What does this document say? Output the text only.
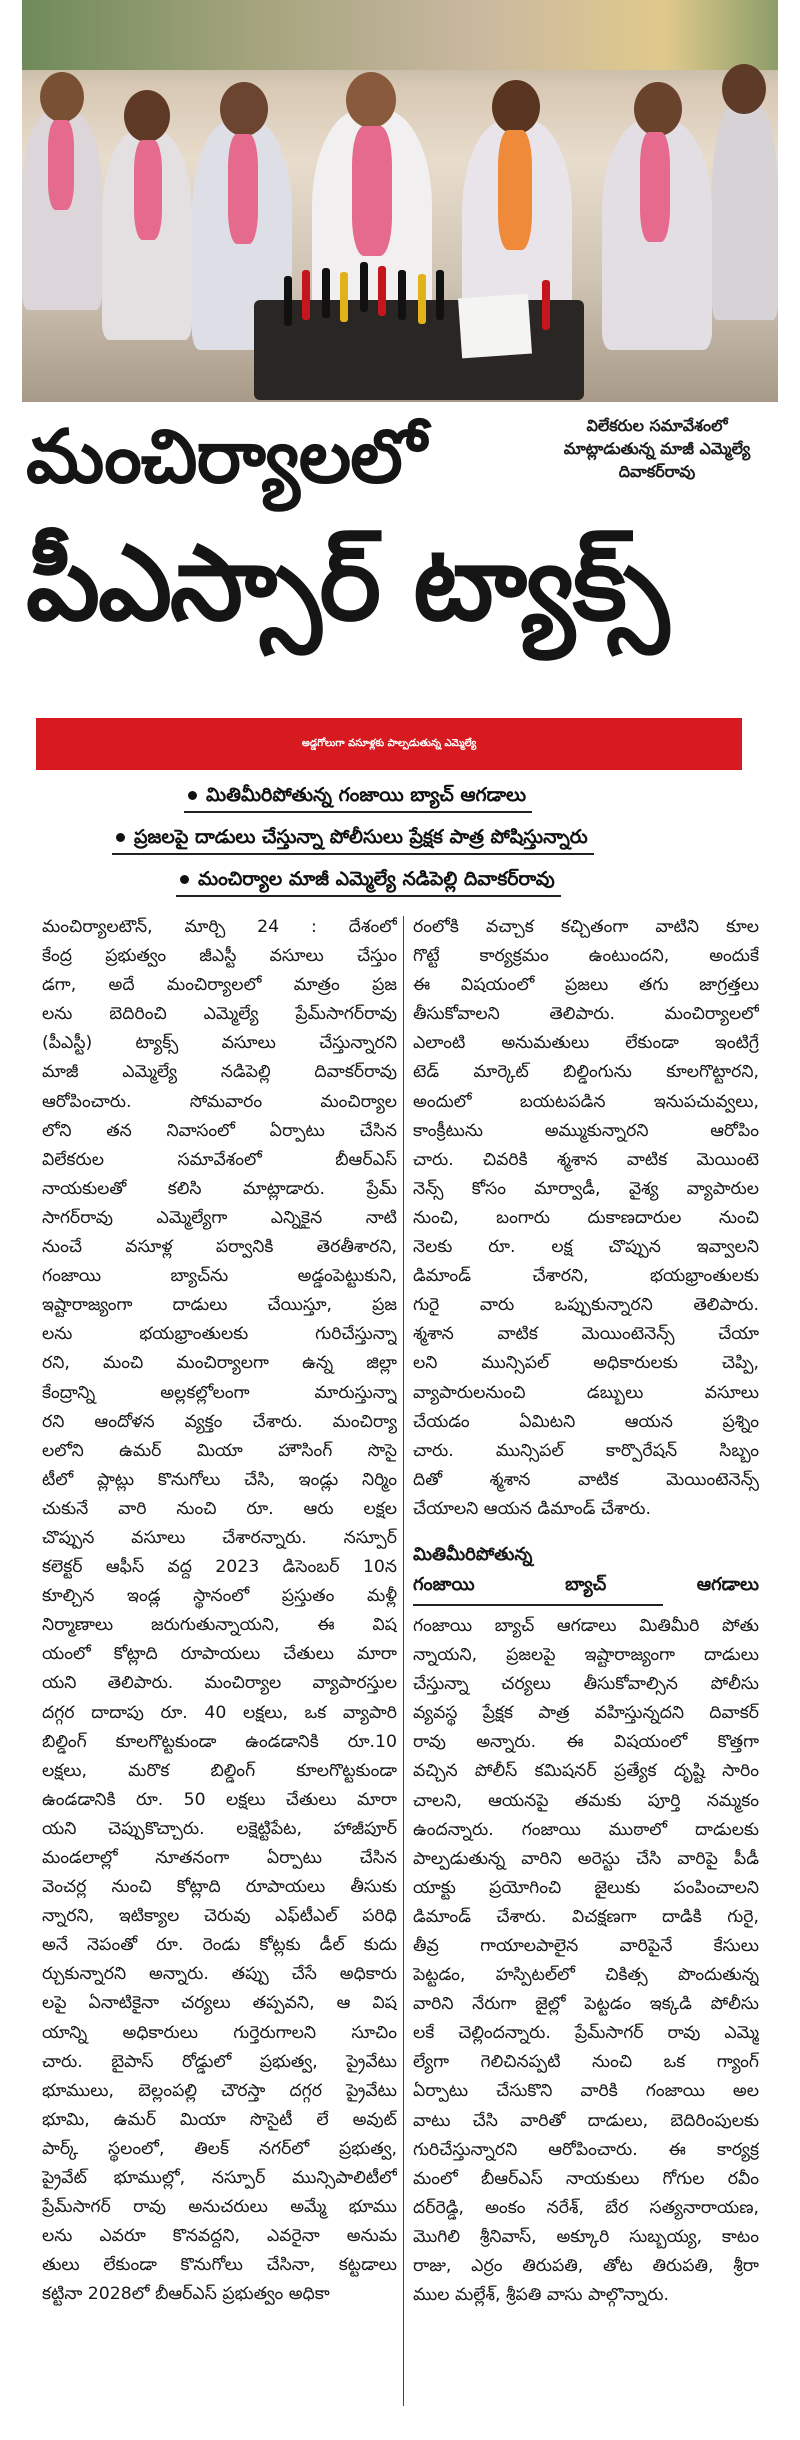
విలేకరుల సమావేశంలో
మాట్లాడుతున్న మాజీ ఎమ్మెల్యే
దివాకర్‌రావు
మంచిర్యాలలో
పీఎస్సార్ ట్యాక్స్
అడ్డగోలుగా వసూళ్లకు పాల్పడుతున్న ఎమ్మెల్యే
మితిమీరిపోతున్న గంజాయి బ్యాచ్ ఆగడాలు
ప్రజలపై దాడులు చేస్తున్నా పోలీసులు ప్రేక్షక పాత్ర పోషిస్తున్నారు
మంచిర్యాల మాజీ ఎమ్మెల్యే నడిపెల్లి దివాకర్‌రావు
మంచిర్యాలటౌన్, మార్చి 24 : దేశంలో
కేంద్ర ప్రభుత్వం జీఎస్టీ వసూలు చేస్తుం
డగా, అదే మంచిర్యాలలో మాత్రం ప్రజ
లను బెదిరించి ఎమ్మెల్యే ప్రేమ్‌సాగర్‌రావు
(పీఎస్టీ) ట్యాక్స్ వసూలు చేస్తున్నారని
మాజీ ఎమ్మెల్యే నడిపెల్లి దివాకర్‌రావు
ఆరోపించారు. సోమవారం మంచిర్యాల
లోని తన నివాసంలో ఏర్పాటు చేసిన
విలేకరుల సమావేశంలో బీఆర్‌ఎస్
నాయకులతో కలిసి మాట్లాడారు. ప్రేమ్
సాగర్‌రావు ఎమ్మెల్యేగా ఎన్నికైన నాటి
నుంచే వసూళ్ల పర్వానికి తెరతీశారని,
గంజాయి బ్యాచ్‌ను అడ్డంపెట్టుకుని,
ఇష్టారాజ్యంగా దాడులు చేయిస్తూ, ప్రజ
లను భయభ్రాంతులకు గురిచేస్తున్నా
రని, మంచి మంచిర్యాలగా ఉన్న జిల్లా
కేంద్రాన్ని అల్లకల్లోలంగా మారుస్తున్నా
రని ఆందోళన వ్యక్తం చేశారు. మంచిర్యా
లలోని ఉమర్ మియా హౌసింగ్ సొసై
టీలో ప్లాట్లు కొనుగోలు చేసి, ఇండ్లు నిర్మిం
చుకునే వారి నుంచి రూ. ఆరు లక్షల
చొప్పున వసూలు చేశారన్నారు. నస్పూర్
కలెక్టర్ ఆఫీస్ వద్ద 2023 డిసెంబర్ 10న
కూల్చిన ఇండ్ల స్థానంలో ప్రస్తుతం మళ్లీ
నిర్మాణాలు జరుగుతున్నాయని, ఈ విష
యంలో కోట్లాది రూపాయలు చేతులు మారా
యని తెలిపారు. మంచిర్యాల వ్యాపారస్తుల
దగ్గర దాదాపు రూ. 40 లక్షలు, ఒక వ్యాపారి
బిల్డింగ్ కూలగొట్టకుండా ఉండడానికి రూ.10
లక్షలు, మరొక బిల్డింగ్ కూలగొట్టకుండా
ఉండడానికి రూ. 50 లక్షలు చేతులు మారా
యని చెప్పుకొచ్చారు. లక్షెట్టిపేట, హాజీపూర్
మండలాల్లో నూతనంగా ఏర్పాటు చేసిన
వెంచర్ల నుంచి కోట్లాది రూపాయలు తీసుకు
న్నారని, ఇటిక్యాల చెరువు ఎఫ్‌టీఎల్ పరిధి
అనే నెపంతో రూ. రెండు కోట్లకు డీల్ కుదు
ర్చుకున్నారని అన్నారు. తప్పు చేసే అధికారు
లపై ఏనాటికైనా చర్యలు తప్పవని, ఆ విష
యాన్ని అధికారులు గుర్తెరుగాలని సూచిం
చారు. బైపాస్ రోడ్డులో ప్రభుత్వ, ప్రైవేటు
భూములు, బెల్లంపల్లి చౌరస్తా దగ్గర ప్రైవేటు
భూమి, ఉమర్ మియా సొసైటీ లే అవుట్
పార్క్ స్థలంలో, తిలక్ నగర్‌లో ప్రభుత్వ,
ప్రైవేట్ భూముల్లో, నస్పూర్ మున్సిపాలిటీలో
ప్రేమ్‌సాగర్ రావు అనుచరులు అమ్మే భూము
లను ఎవరూ కొనవద్దని, ఎవరైనా అనుమ
తులు లేకుండా కొనుగోలు చేసినా, కట్టడాలు
కట్టినా 2028లో బీఆర్‌ఎస్ ప్రభుత్వం అధికా
రంలోకి వచ్చాక కచ్చితంగా వాటిని కూల
గొట్టే కార్యక్రమం ఉంటుందని, అందుకే
ఈ విషయంలో ప్రజలు తగు జాగ్రత్తలు
తీసుకోవాలని తెలిపారు. మంచిర్యాలలో
ఎలాంటి అనుమతులు లేకుండా ఇంటిగ్రే
టెడ్ మార్కెట్ బిల్డింగును కూలగొట్టారని,
అందులో బయటపడిన ఇనుపచువ్వలు,
కాంక్రీటును అమ్ముకున్నారని ఆరోపిం
చారు. చివరికి శ్మశాన వాటిక మెయింటె
నెన్స్ కోసం మార్వాడీ, వైశ్య వ్యాపారుల
నుంచి, బంగారు దుకాణదారుల నుంచి
నెలకు రూ. లక్ష చొప్పున ఇవ్వాలని
డిమాండ్ చేశారని, భయభ్రాంతులకు
గురై వారు ఒప్పుకున్నారని తెలిపారు.
శ్మశాన వాటిక మెయింటెనెన్స్ చేయా
లని మున్సిపల్ అధికారులకు చెప్పి,
వ్యాపారులనుంచి డబ్బులు వసూలు
చేయడం ఏమిటని ఆయన ప్రశ్నిం
చారు. మున్సిపల్ కార్పొరేషన్ సిబ్బం
దితో శ్మశాన వాటిక మెయింటెనెన్స్
చేయాలని ఆయన డిమాండ్ చేశారు.
మితిమీరిపోతున్న
గంజాయి బ్యాచ్ ఆగడాలు
గంజాయి బ్యాచ్ ఆగడాలు మితిమీరి పోతు
న్నాయని, ప్రజలపై ఇష్టారాజ్యంగా దాడులు
చేస్తున్నా చర్యలు తీసుకోవాల్సిన పోలీసు
వ్యవస్థ ప్రేక్షక పాత్ర వహిస్తున్నదని దివాకర్
రావు అన్నారు. ఈ విషయంలో కొత్తగా
వచ్చిన పోలీస్ కమిషనర్ ప్రత్యేక దృష్టి సారిం
చాలని, ఆయనపై తమకు పూర్తి నమ్మకం
ఉందన్నారు. గంజాయి ముఠాలో దాడులకు
పాల్పడుతున్న వారిని అరెస్టు చేసి వారిపై పీడీ
యాక్టు ప్రయోగించి జైలుకు పంపించాలని
డిమాండ్ చేశారు. విచక్షణగా దాడికి గురై,
తీవ్ర గాయాలపాలైన వారిపైనే కేసులు
పెట్టడం, హస్పిటల్‌లో చికిత్స పొందుతున్న
వారిని నేరుగా జైల్లో పెట్టడం ఇక్కడి పోలీసు
లకే చెల్లిందన్నారు. ప్రేమ్‌సాగర్ రావు ఎమ్మె
ల్యేగా గెలిచినప్పటి నుంచి ఒక గ్యాంగ్
ఏర్పాటు చేసుకొని వారికి గంజాయి అల
వాటు చేసి వారితో దాడులు, బెదిరింపులకు
గురిచేస్తున్నారని ఆరోపించారు. ఈ కార్యక్ర
మంలో బీఆర్‌ఎస్ నాయకులు గోగుల రవీం
దర్‌రెడ్డి, అంకం నరేశ్, బేర సత్యనారాయణ,
మొగిలి శ్రీనివాస్, అక్కూరి సుబ్బయ్య, కాటం
రాజు, ఎర్రం తిరుపతి, తోట తిరుపతి, శ్రీరా
ముల మల్లేశ్, శ్రీపతి వాసు పాల్గొన్నారు.
